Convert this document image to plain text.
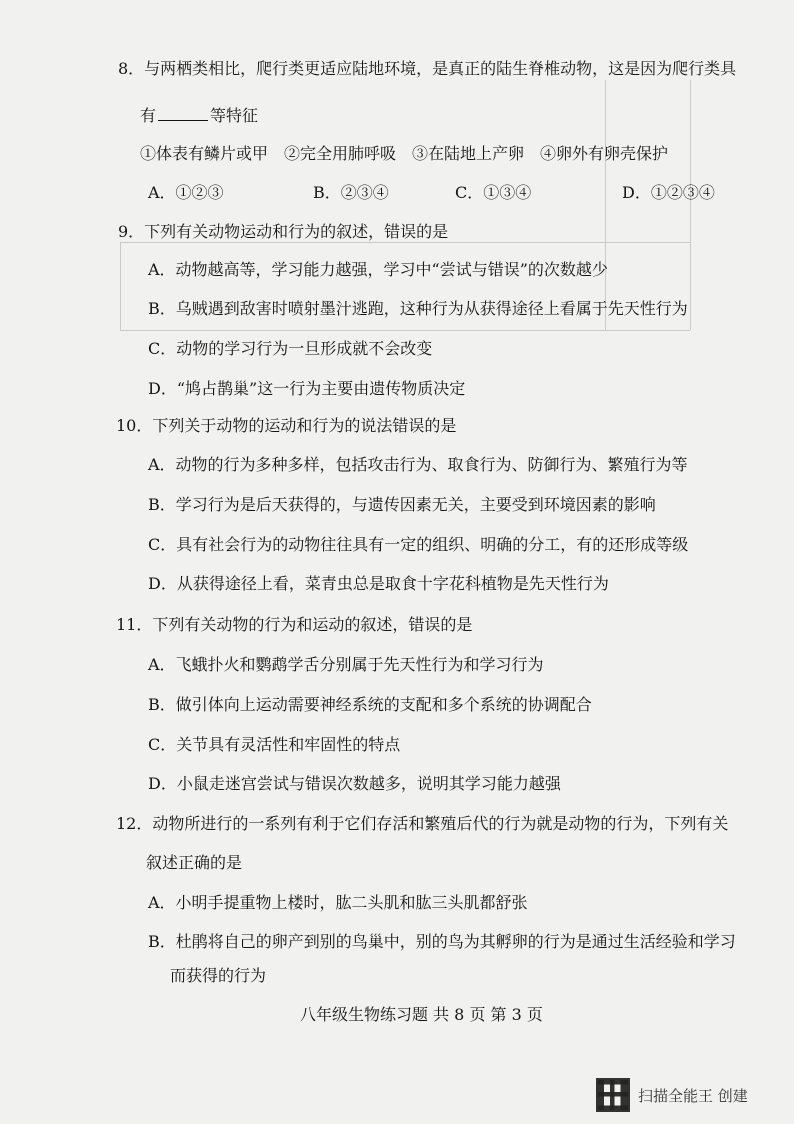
8．与两栖类相比，爬行类更适应陆地环境，是真正的陆生脊椎动物，这是因为爬行类具
有	等特征
①体表有鳞片或甲　②完全用肺呼吸　③在陆地上产卵　④卵外有卵壳保护
A．①②③	B．②③④	C．①③④	D．①②③④
9．下列有关动物运动和行为的叙述，错误的是
A．动物越高等，学习能力越强，学习中“尝试与错误”的次数越少
B．乌贼遇到敌害时喷射墨汁逃跑，这种行为从获得途径上看属于先天性行为
C．动物的学习行为一旦形成就不会改变
D．“鸠占鹊巢”这一行为主要由遗传物质决定
10．下列关于动物的运动和行为的说法错误的是
A．动物的行为多种多样，包括攻击行为、取食行为、防御行为、繁殖行为等
B．学习行为是后天获得的，与遗传因素无关，主要受到环境因素的影响
C．具有社会行为的动物往往具有一定的组织、明确的分工，有的还形成等级
D．从获得途径上看，菜青虫总是取食十字花科植物是先天性行为
11．下列有关动物的行为和运动的叙述，错误的是
A．飞蛾扑火和鹦鹉学舌分别属于先天性行为和学习行为
B．做引体向上运动需要神经系统的支配和多个系统的协调配合
C．关节具有灵活性和牢固性的特点
D．小鼠走迷宫尝试与错误次数越多，说明其学习能力越强
12．动物所进行的一系列有利于它们存活和繁殖后代的行为就是动物的行为，下列有关
叙述正确的是
A．小明手提重物上楼时，肱二头肌和肱三头肌都舒张
B．杜鹃将自己的卵产到别的鸟巢中，别的鸟为其孵卵的行为是通过生活经验和学习
而获得的行为
八年级生物练习题 共 8 页 第 3 页
扫描全能王 创建
